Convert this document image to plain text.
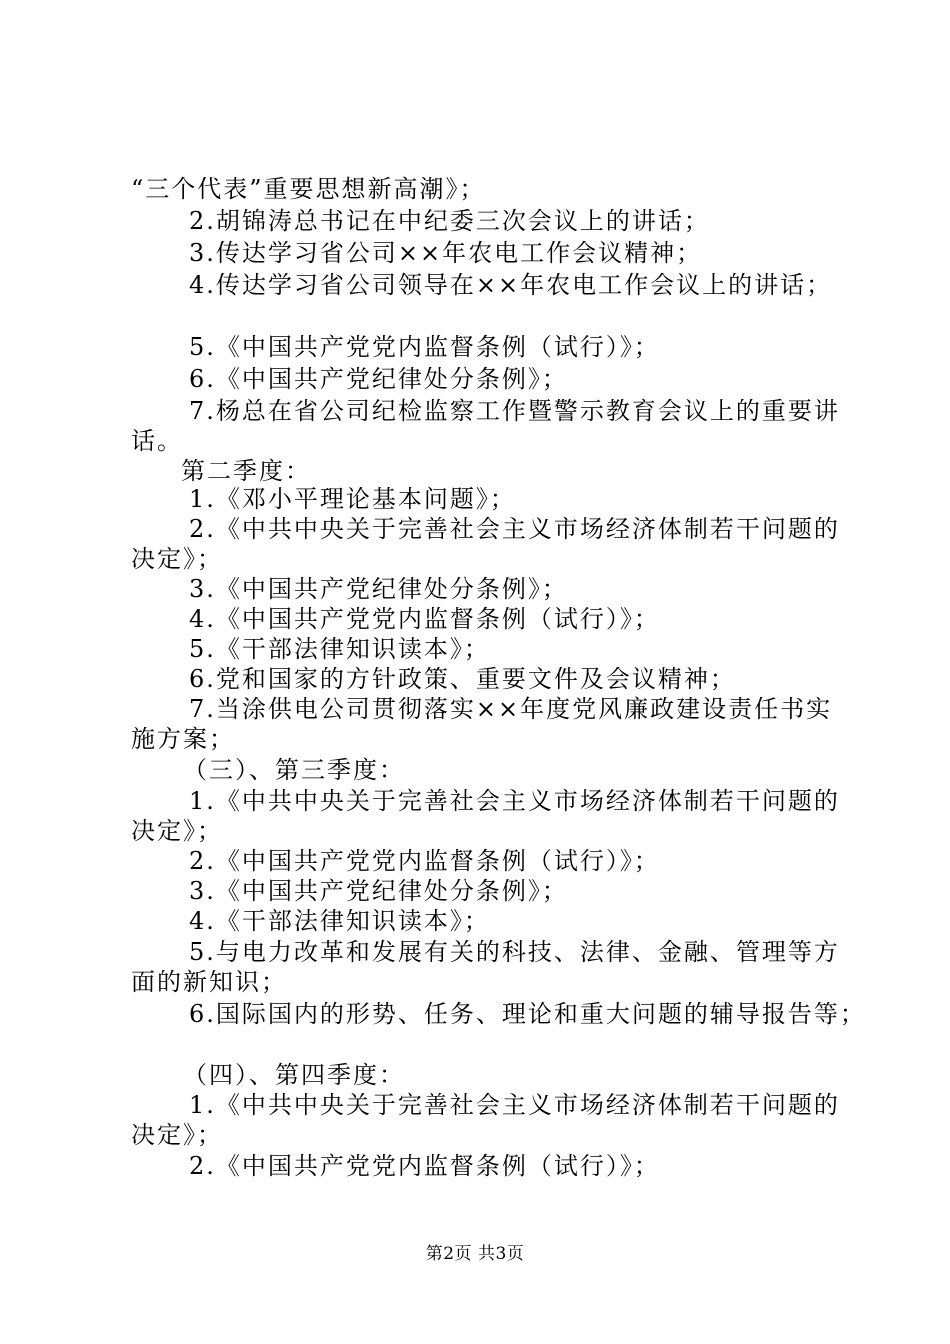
“三个代表”重要思想新高潮》；
2.胡锦涛总书记在中纪委三次会议上的讲话；
3.传达学习省公司××年农电工作会议精神；
4.传达学习省公司领导在××年农电工作会议上的讲话；
5.《中国共产党党内监督条例（试行）》；
6.《中国共产党纪律处分条例》；
7.杨总在省公司纪检监察工作暨警示教育会议上的重要讲
话。
第二季度：
1.《邓小平理论基本问题》；
2.《中共中央关于完善社会主义市场经济体制若干问题的
决定》；
3.《中国共产党纪律处分条例》；
4.《中国共产党党内监督条例（试行）》；
5.《干部法律知识读本》；
6.党和国家的方针政策、重要文件及会议精神；
7.当涂供电公司贯彻落实××年度党风廉政建设责任书实
施方案；
（三）、第三季度：
1.《中共中央关于完善社会主义市场经济体制若干问题的
决定》；
2.《中国共产党党内监督条例（试行）》；
3.《中国共产党纪律处分条例》；
4.《干部法律知识读本》；
5.与电力改革和发展有关的科技、法律、金融、管理等方
面的新知识；
6.国际国内的形势、任务、理论和重大问题的辅导报告等；
（四）、第四季度：
1.《中共中央关于完善社会主义市场经济体制若干问题的
决定》；
2.《中国共产党党内监督条例（试行）》；
第2页 共3页
